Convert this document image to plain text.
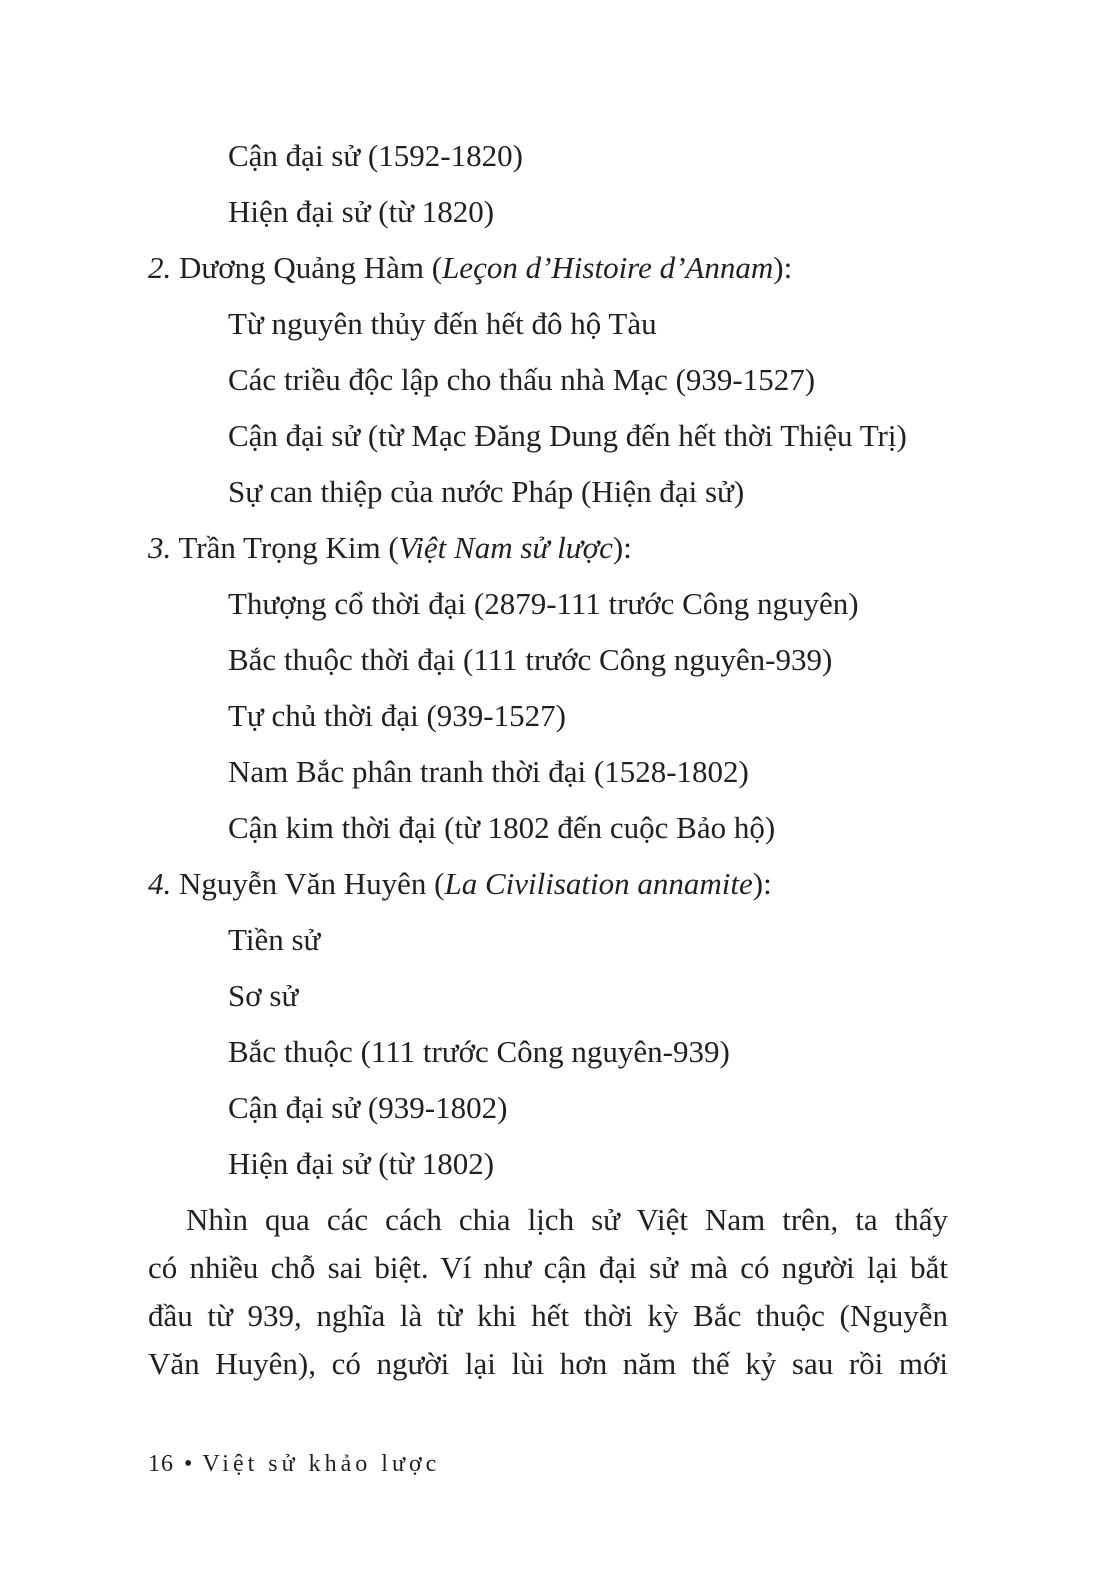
Cận đại sử (1592-1820)
Hiện đại sử (từ 1820)
2. Dương Quảng Hàm (Leçon d’Histoire d’Annam):
Từ nguyên thủy đến hết đô hộ Tàu
Các triều độc lập cho thấu nhà Mạc (939-1527)
Cận đại sử (từ Mạc Đăng Dung đến hết thời Thiệu Trị)
Sự can thiệp của nước Pháp (Hiện đại sử)
3. Trần Trọng Kim (Việt Nam sử lược):
Thượng cổ thời đại (2879-111 trước Công nguyên)
Bắc thuộc thời đại (111 trước Công nguyên-939)
Tự chủ thời đại (939-1527)
Nam Bắc phân tranh thời đại (1528-1802)
Cận kim thời đại (từ 1802 đến cuộc Bảo hộ)
4. Nguyễn Văn Huyên (La Civilisation annamite):
Tiền sử
Sơ sử
Bắc thuộc (111 trước Công nguyên-939)
Cận đại sử (939-1802)
Hiện đại sử (từ 1802)
Nhìn qua các cách chia lịch sử Việt Nam trên, ta thấy
có nhiều chỗ sai biệt. Ví như cận đại sử mà có người lại bắt
đầu từ 939, nghĩa là từ khi hết thời kỳ Bắc thuộc (Nguyễn
Văn Huyên), có người lại lùi hơn năm thế kỷ sau rồi mới
16 • Việt sử khảo lược
